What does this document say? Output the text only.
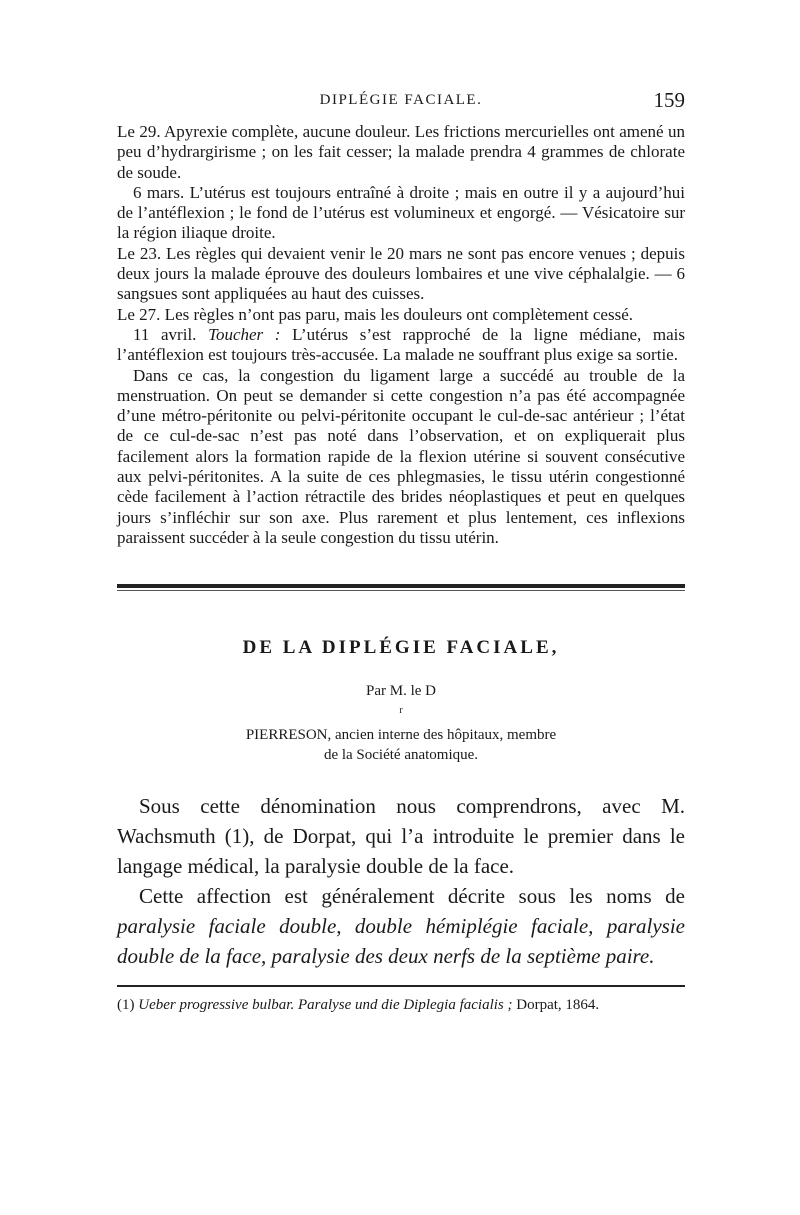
DIPLÉGIE FACIALE.	159

Le 29. Apyrexie complète, aucune douleur. Les frictions mercurielles ont amené un peu d’hydrargirisme ; on les fait cesser; la malade prendra 4 grammes de chlorate de soude.

6 mars. L’utérus est toujours entraîné à droite ; mais en outre il y a aujourd’hui de l’antéflexion ; le fond de l’utérus est volumineux et engorgé. — Vésicatoire sur la région iliaque droite.

Le 23. Les règles qui devaient venir le 20 mars ne sont pas encore venues ; depuis deux jours la malade éprouve des douleurs lombaires et une vive céphalalgie. — 6 sangsues sont appliquées au haut des cuisses.

Le 27. Les règles n’ont pas paru, mais les douleurs ont complètement cessé.

11 avril. Toucher : L’utérus s’est rapproché de la ligne médiane, mais l’antéflexion est toujours très-accusée. La malade ne souffrant plus exige sa sortie.

Dans ce cas, la congestion du ligament large a succédé au trouble de la menstruation. On peut se demander si cette congestion n’a pas été accompagnée d’une métro-péritonite ou pelvi-péritonite occupant le cul-de-sac antérieur ; l’état de ce cul-de-sac n’est pas noté dans l’observation, et on expliquerait plus facilement alors la formation rapide de la flexion utérine si souvent consécutive aux pelvi-péritonites. A la suite de ces phlegmasies, le tissu utérin congestionné cède facilement à l’action rétractile des brides néoplastiques et peut en quelques jours s’infléchir sur son axe. Plus rarement et plus lentement, ces inflexions paraissent succéder à la seule congestion du tissu utérin.

DE LA DIPLÉGIE FACIALE,
Par M. le D
$^r$
PIERRESON, ancien interne des hôpitaux, membre
de la Société anatomique.

Sous cette dénomination nous comprendrons, avec M. Wachsmuth (1), de Dorpat, qui l’a introduite le premier dans le langage médical, la paralysie double de la face.

Cette affection est généralement décrite sous les noms de paralysie faciale double, double hémiplégie faciale, paralysie double de la face, paralysie des deux nerfs de la septième paire.

(1) Ueber progressive bulbar. Paralyse und die Diplegia facialis ; Dorpat, 1864.
